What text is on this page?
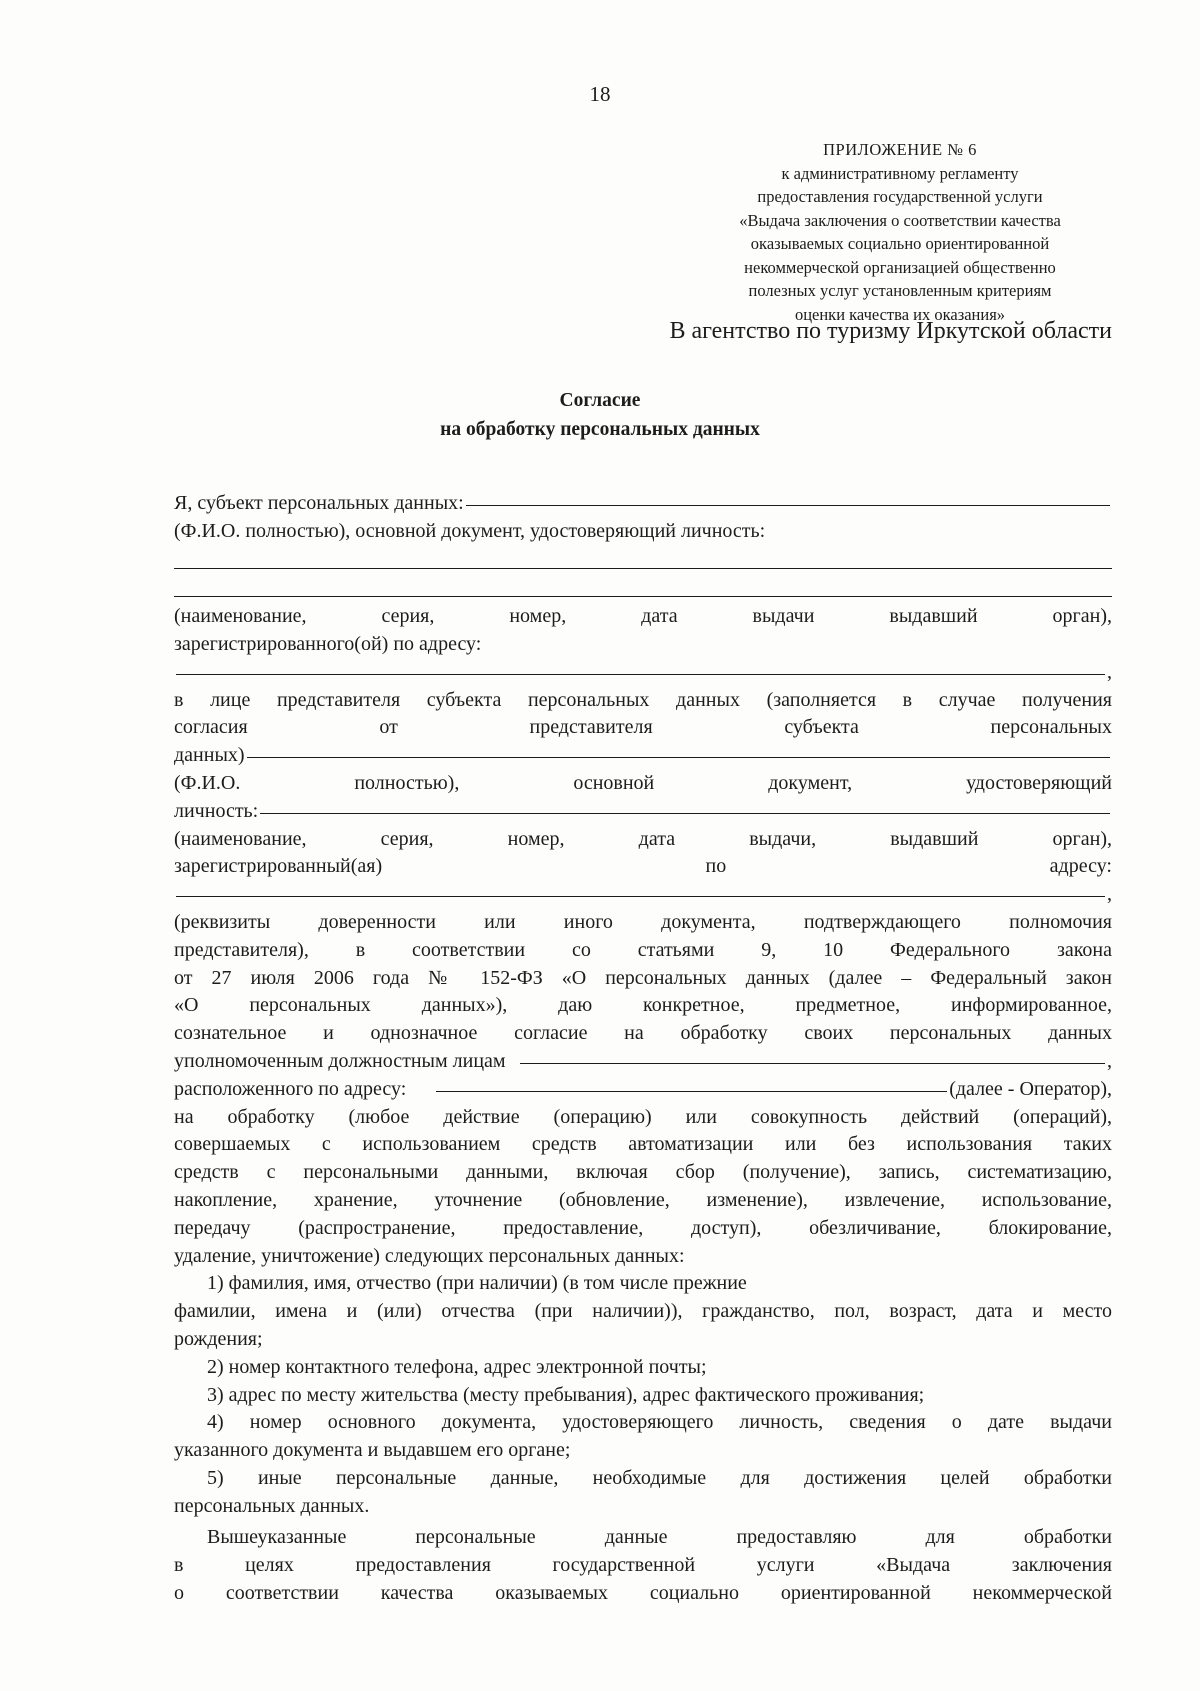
18
ПРИЛОЖЕНИЕ № 6
к административному регламенту
предоставления государственной услуги
«Выдача заключения о соответствии качества
оказываемых социально ориентированной
некоммерческой организацией общественно
полезных услуг установленным критериям
оценки качества их оказания»
В агентство по туризму Иркутской области
Согласие
на обработку персональных данных
Я, субъект персональных данных:
(Ф.И.О. полностью), основной документ, удостоверяющий личность:
(наименование, серия, номер, дата выдачи выдавший орган),
зарегистрированного(ой) по адресу:
,
в лице представителя субъекта персональных данных (заполняется в случае получения
согласия от представителя субъекта персональных
данных)
(Ф.И.О. полностью), основной документ, удостоверяющий
личность:
(наименование, серия, номер, дата выдачи, выдавший орган),
зарегистрированный(ая) по адресу:
,
(реквизиты доверенности или иного документа, подтверждающего полномочия
представителя), в соответствии со статьями 9, 10 Федерального закона
от 27 июля 2006 года № 152-ФЗ «О персональных данных (далее – Федеральный закон
«О персональных данных»), даю конкретное, предметное, информированное,
сознательное и однозначное согласие на обработку своих персональных данных
уполномоченным должностным лицам	,
расположенного по адресу:	(далее - Оператор),
на обработку (любое действие (операцию) или совокупность действий (операций),
совершаемых с использованием средств автоматизации или без использования таких
средств с персональными данными, включая сбор (получение), запись, систематизацию,
накопление, хранение, уточнение (обновление, изменение), извлечение, использование,
передачу (распространение, предоставление, доступ), обезличивание, блокирование,
удаление, уничтожение) следующих персональных данных:
1) фамилия, имя, отчество (при наличии) (в том числе прежние
фамилии, имена и (или) отчества (при наличии)), гражданство, пол, возраст, дата и место
рождения;
2) номер контактного телефона, адрес электронной почты;
3) адрес по месту жительства (месту пребывания), адрес фактического проживания;
4) номер основного документа, удостоверяющего личность, сведения о дате выдачи
указанного документа и выдавшем его органе;
5) иные персональные данные, необходимые для достижения целей обработки
персональных данных.
Вышеуказанные персональные данные предоставляю для обработки
в целях предоставления государственной услуги «Выдача заключения
о соответствии качества оказываемых социально ориентированной некоммерческой
